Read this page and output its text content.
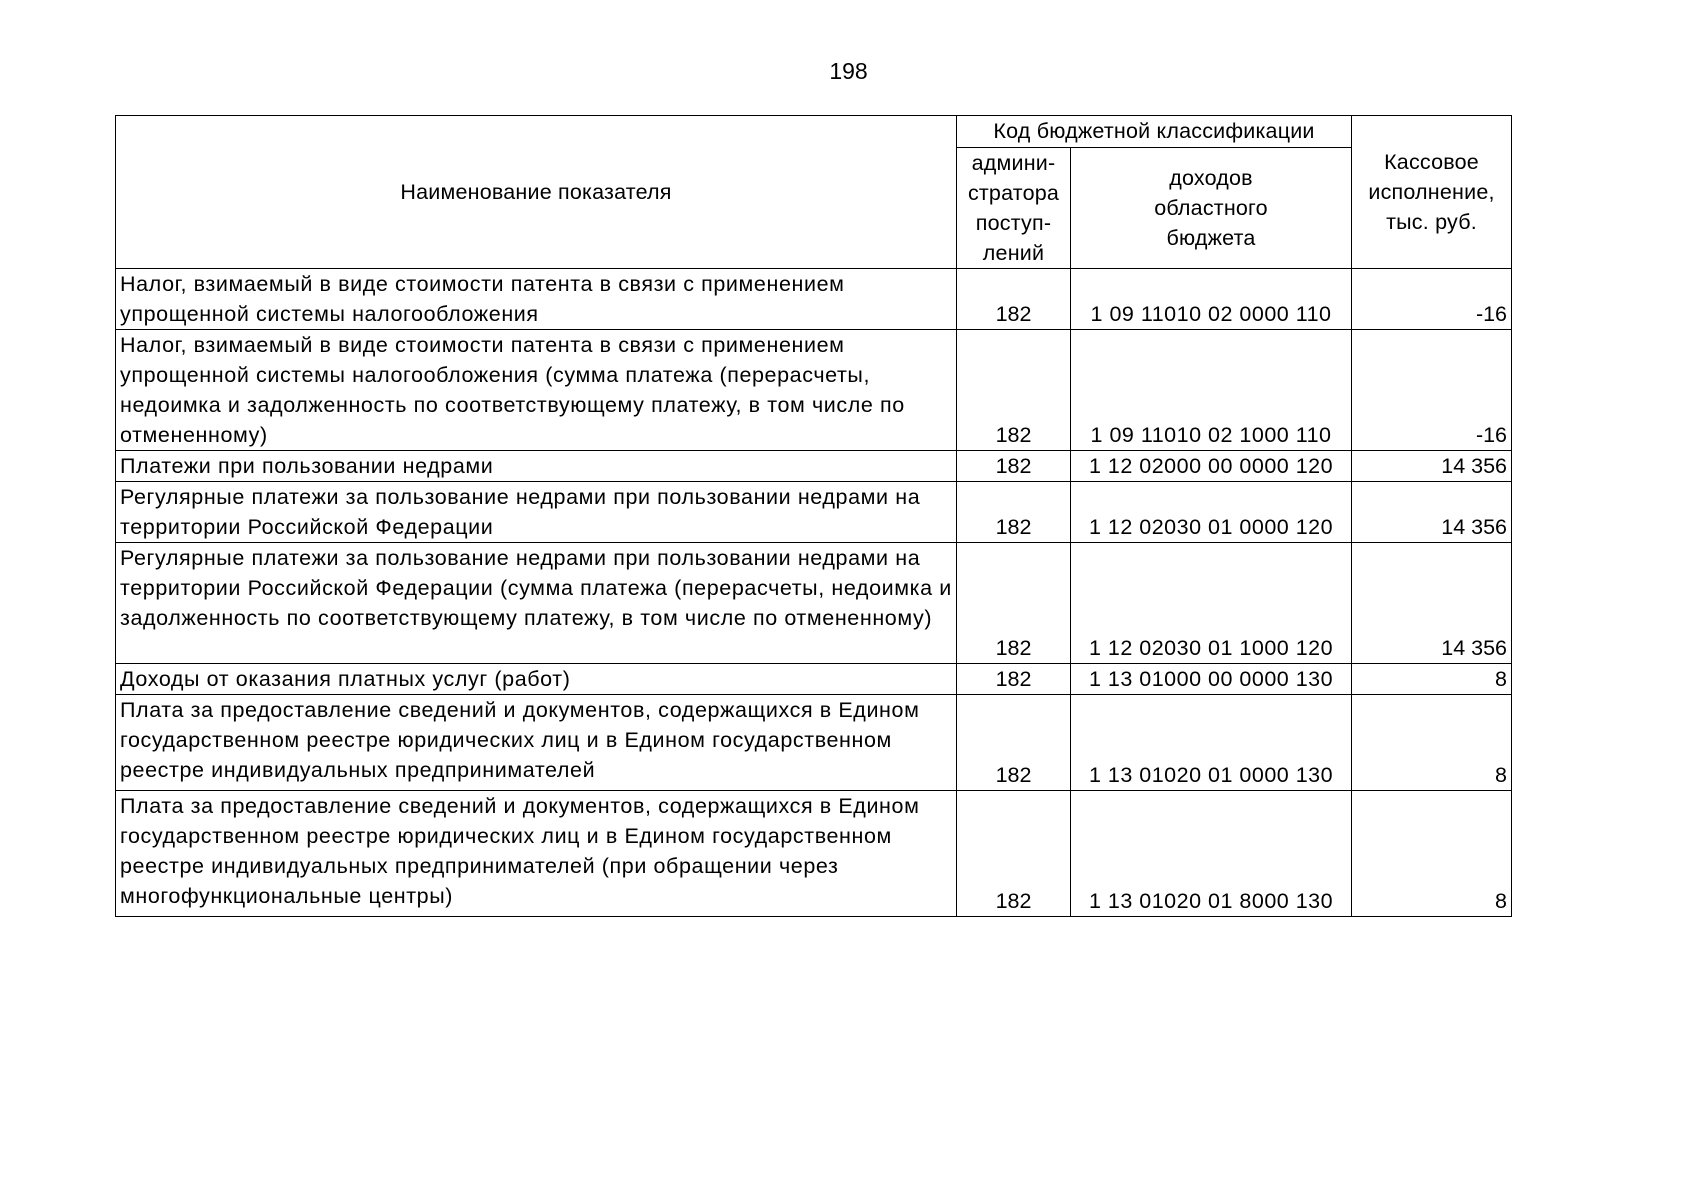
198
Наименование показателя	Код бюджетной классификации		Кассовое исполнение, тыс. руб.
	админи-стратора поступ-лений	доходов областного бюджета	
Налог, взимаемый в виде стоимости патента в связи с применением упрощенной системы налогообложения	182	1 09 11010 02 0000 110	-16
Налог, взимаемый в виде стоимости патента в связи с применением упрощенной системы налогообложения (сумма платежа (перерасчеты, недоимка и задолженность по соответствующему платежу, в том числе по отмененному)	182	1 09 11010 02 1000 110	-16
Платежи при пользовании недрами	182	1 12 02000 00 0000 120	14 356
Регулярные платежи за пользование недрами при пользовании недрами на территории Российской Федерации	182	1 12 02030 01 0000 120	14 356
Регулярные платежи за пользование недрами при пользовании недрами на территории Российской Федерации (сумма платежа (перерасчеты, недоимка и задолженность по соответствующему платежу, в том числе по отмененному)	182	1 12 02030 01 1000 120	14 356
Доходы от оказания платных услуг (работ)	182	1 13 01000 00 0000 130	8
Плата за предоставление сведений и документов, содержащихся в Едином государственном реестре юридических лиц и в Едином государственном реестре индивидуальных предпринимателей	182	1 13 01020 01 0000 130	8
Плата за предоставление сведений и документов, содержащихся в Едином государственном реестре юридических лиц и в Едином государственном реестре индивидуальных предпринимателей (при обращении через многофункциональные центры)	182	1 13 01020 01 8000 130	8
